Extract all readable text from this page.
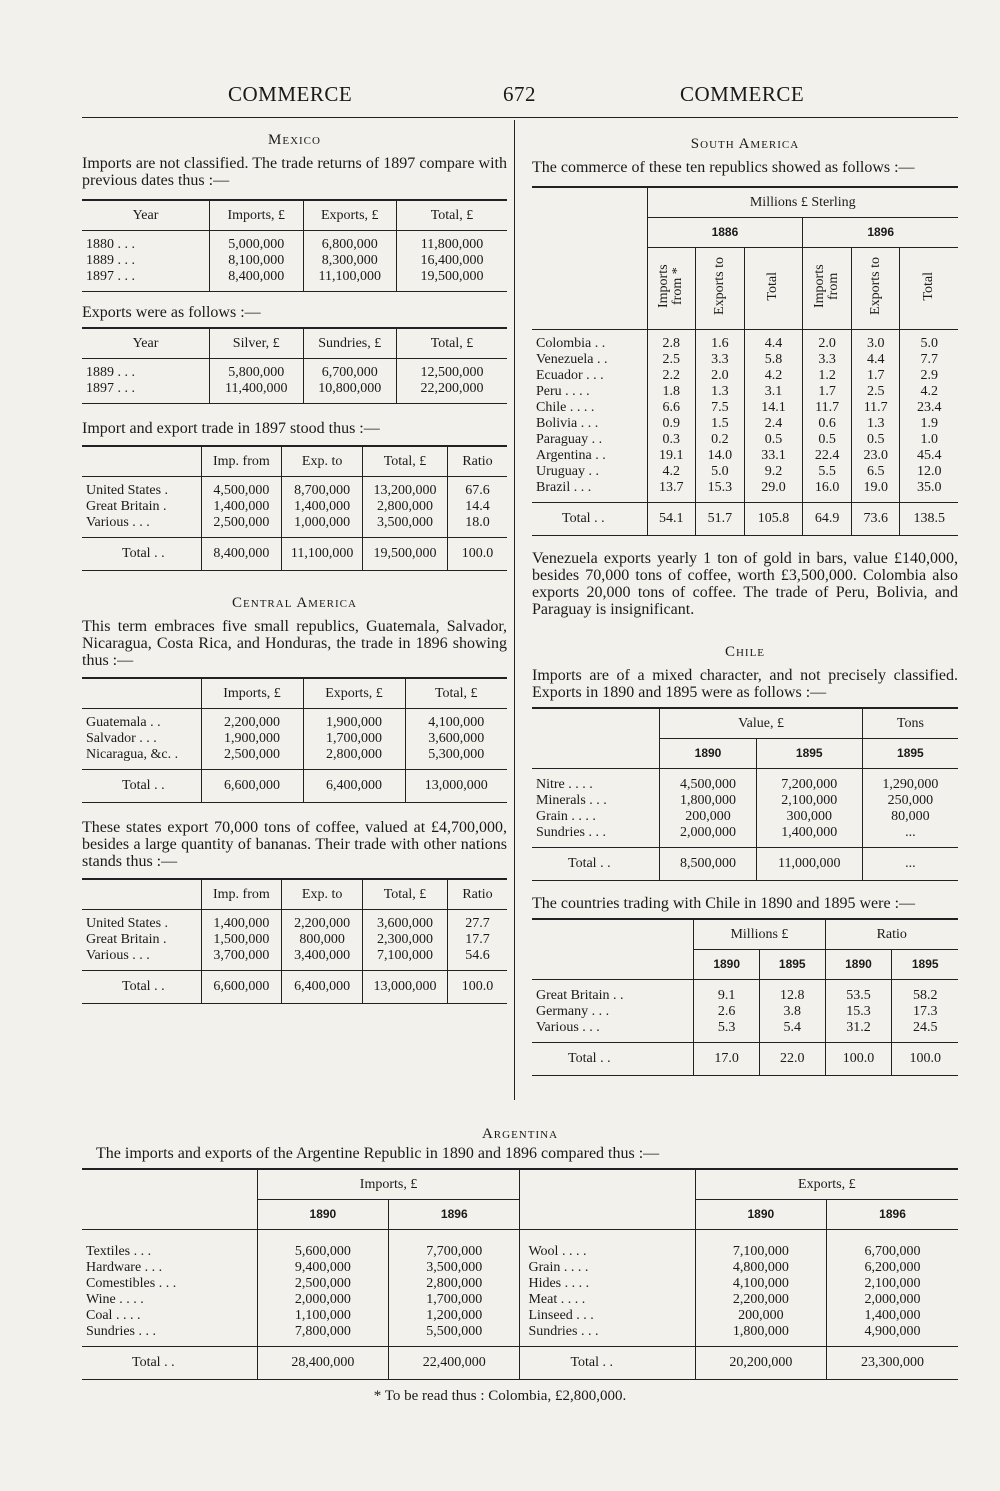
COMMERCE	672	COMMERCE
Mexico

Imports are not classified. The trade returns of 1897 compare with previous dates thus :—

Year	Imports, £	Exports, £	Total, £
1880 . . .	5,000,000	6,800,000	11,800,000
1889 . . .	8,100,000	8,300,000	16,400,000
1897 . . .	8,400,000	11,100,000	19,500,000

Exports were as follows :—

Year	Silver, £	Sundries, £	Total, £
1889 . . .	5,800,000	6,700,000	12,500,000
1897 . . .	11,400,000	10,800,000	22,200,000

Import and export trade in 1897 stood thus :—

	Imp. from	Exp. to	Total, £	Ratio
United States .	4,500,000	8,700,000	13,200,000	67.6
Great Britain .	1,400,000	1,400,000	2,800,000	14.4
Various . . .	2,500,000	1,000,000	3,500,000	18.0
Total . .	8,400,000	11,100,000	19,500,000	100.0
Central America

This term embraces five small republics, Guatemala, Salvador, Nicaragua, Costa Rica, and Honduras, the trade in 1896 showing thus :—

	Imports, £	Exports, £	Total, £
Guatemala . .	2,200,000	1,900,000	4,100,000
Salvador . . .	1,900,000	1,700,000	3,600,000
Nicaragua, &c. .	2,500,000	2,800,000	5,300,000
Total . .	6,600,000	6,400,000	13,000,000

These states export 70,000 tons of coffee, valued at £4,700,000, besides a large quantity of bananas. Their trade with other nations stands thus :—

	Imp. from	Exp. to	Total, £	Ratio
United States .	1,400,000	2,200,000	3,600,000	27.7
Great Britain .	1,500,000	800,000	2,300,000	17.7
Various . . .	3,700,000	3,400,000	7,100,000	54.6
Total . .	6,600,000	6,400,000	13,000,000	100.0
South America

The commerce of these ten republics showed as follows :—

	Millions £ Sterling					
	1886			1896		
	Imports from *	Exports to	Total	Imports from	Exports to	Total
Colombia . .	2.8	1.6	4.4	2.0	3.0	5.0
Venezuela . .	2.5	3.3	5.8	3.3	4.4	7.7
Ecuador . . .	2.2	2.0	4.2	1.2	1.7	2.9
Peru . . . .	1.8	1.3	3.1	1.7	2.5	4.2
Chile . . . .	6.6	7.5	14.1	11.7	11.7	23.4
Bolivia . . .	0.9	1.5	2.4	0.6	1.3	1.9
Paraguay . .	0.3	0.2	0.5	0.5	0.5	1.0
Argentina . .	19.1	14.0	33.1	22.4	23.0	45.4
Uruguay . .	4.2	5.0	9.2	5.5	6.5	12.0
Brazil . . .	13.7	15.3	29.0	16.0	19.0	35.0
Total . .	54.1	51.7	105.8	64.9	73.6	138.5

Venezuela exports yearly 1 ton of gold in bars, value £140,000, besides 70,000 tons of coffee, worth £3,500,000. Colombia also exports 20,000 tons of coffee. The trade of Peru, Bolivia, and Paraguay is insignificant.

Chile

Imports are of a mixed character, and not precisely classified. Exports in 1890 and 1895 were as follows :—

	Value, £		Tons
	1890	1895	1895
Nitre . . . .	4,500,000	7,200,000	1,290,000
Minerals . . .	1,800,000	2,100,000	250,000
Grain . . . .	200,000	300,000	80,000
Sundries . . .	2,000,000	1,400,000	...
Total . .	8,500,000	11,000,000	...

The countries trading with Chile in 1890 and 1895 were :—

	Millions £		Ratio	
	1890	1895	1890	1895
Great Britain . .	9.1	12.8	53.5	58.2
Germany . . .	2.6	3.8	15.3	17.3
Various . . .	5.3	5.4	31.2	24.5
Total . .	17.0	22.0	100.0	100.0
Argentina

The imports and exports of the Argentine Republic in 1890 and 1896 compared thus :—

	Imports, £			Exports, £	
	1890	1896		1890	1896
Textiles . . .	5,600,000	7,700,000	Wool . . . .	7,100,000	6,700,000
Hardware . . .	9,400,000	3,500,000	Grain . . . .	4,800,000	6,200,000
Comestibles . . .	2,500,000	2,800,000	Hides . . . .	4,100,000	2,100,000
Wine . . . .	2,000,000	1,700,000	Meat . . . .	2,200,000	2,000,000
Coal . . . .	1,100,000	1,200,000	Linseed . . .	200,000	1,400,000
Sundries . . .	7,800,000	5,500,000	Sundries . . .	1,800,000	4,900,000
Total . .	28,400,000	22,400,000	Total . .	20,200,000	23,300,000
* To be read thus : Colombia, £2,800,000.
